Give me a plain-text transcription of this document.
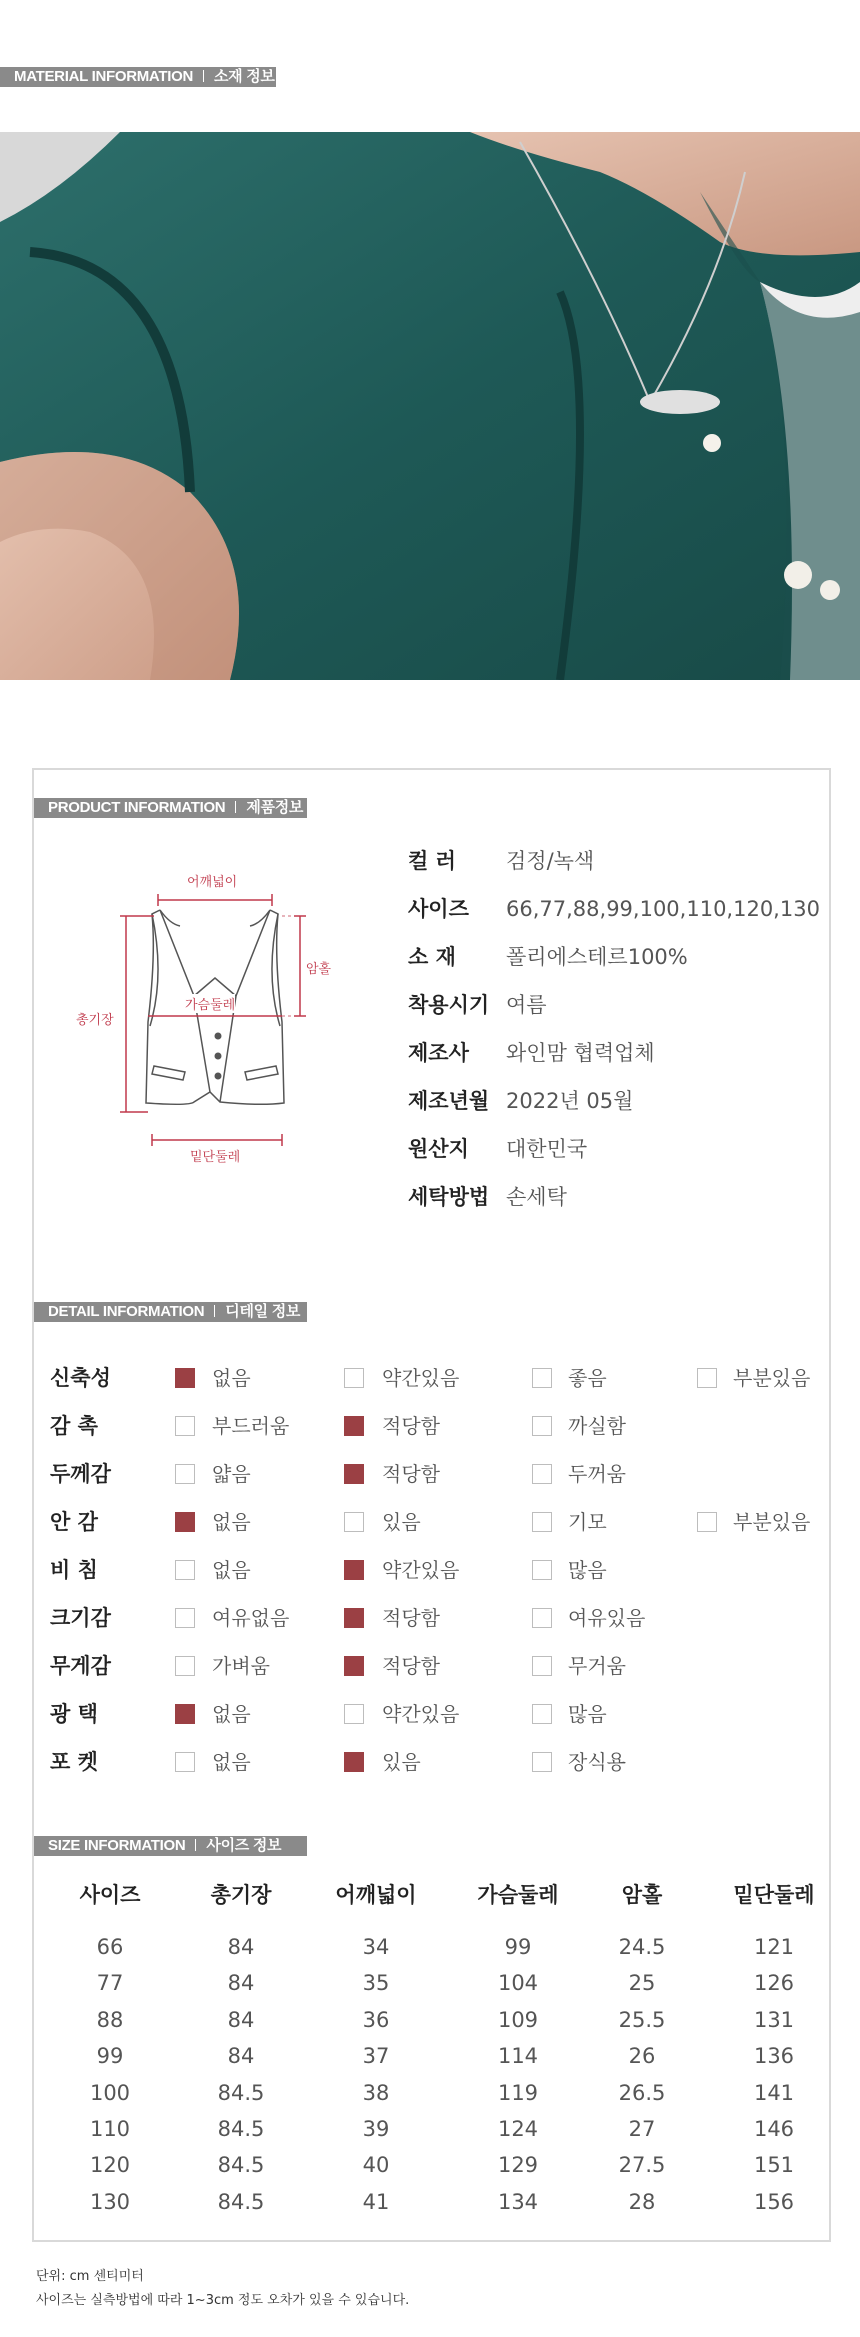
MATERIAL INFORMATION 소재 정보
PRODUCT INFORMATION 제품정보
어깨넓이
암홀
가슴둘레
총기장
밑단둘레
컬 러 검정/녹색
사이즈 66,77,88,99,100,110,120,130
소 재 폴리에스테르100%
착용시기 여름
제조사 와인맘 협력업체
제조년월 2022년 05월
원산지 대한민국
세탁방법 손세탁
DETAIL INFORMATION 디테일 정보
신축성	없음	약간있음	좋음	부분있음
감 촉	부드러움	적당함	까실함
두께감	얇음	적당함	두꺼움
안 감	없음	있음	기모	부분있음
비 침	없음	약간있음	많음
크기감	여유없음	적당함	여유있음
무게감	가벼움	적당함	무거움
광 택	없음	약간있음	많음
포 켓	없음	있음	장식용
SIZE INFORMATION 사이즈 정보
사이즈	총기장	어깨넓이	가슴둘레	암홀	밑단둘레
66	84	34	99	24.5	121
77	84	35	104	25	126
88	84	36	109	25.5	131
99	84	37	114	26	136
100	84.5	38	119	26.5	141
110	84.5	39	124	27	146
120	84.5	40	129	27.5	151
130	84.5	41	134	28	156
단위: cm 센티미터
사이즈는 실측방법에 따라 1~3cm 정도 오차가 있을 수 있습니다.
